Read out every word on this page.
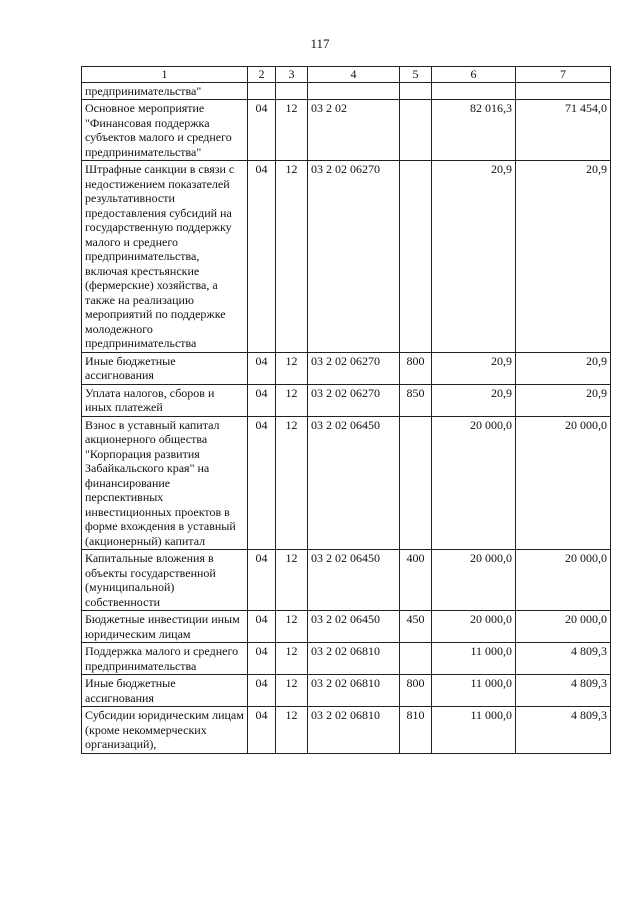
117
1	2	3	4	5	6	7
предпринимательства"						
Основное мероприятие "Финансовая поддержка субъектов малого и среднего предпринимательства"	04	12	03 2 02		82 016,3	71 454,0
Штрафные санкции в связи с недостижением показателей результативности предоставления субсидий на государственную поддержку малого и среднего предпринимательства, включая крестьянские (фермерские) хозяйства, а также на реализацию мероприятий по поддержке молодежного предпринимательства	04	12	03 2 02 06270		20,9	20,9
Иные бюджетные ассигнования	04	12	03 2 02 06270	800	20,9	20,9
Уплата налогов, сборов и иных платежей	04	12	03 2 02 06270	850	20,9	20,9
Взнос в уставный капитал акционерного общества "Корпорация развития Забайкальского края" на финансирование перспективных инвестиционных проектов в форме вхождения в уставный (акционерный) капитал	04	12	03 2 02 06450		20 000,0	20 000,0
Капитальные вложения в объекты государственной (муниципальной) собственности	04	12	03 2 02 06450	400	20 000,0	20 000,0
Бюджетные инвестиции иным юридическим лицам	04	12	03 2 02 06450	450	20 000,0	20 000,0
Поддержка малого и среднего предпринимательства	04	12	03 2 02 06810		11 000,0	4 809,3
Иные бюджетные ассигнования	04	12	03 2 02 06810	800	11 000,0	4 809,3
Субсидии юридическим лицам (кроме некоммерческих организаций),	04	12	03 2 02 06810	810	11 000,0	4 809,3
